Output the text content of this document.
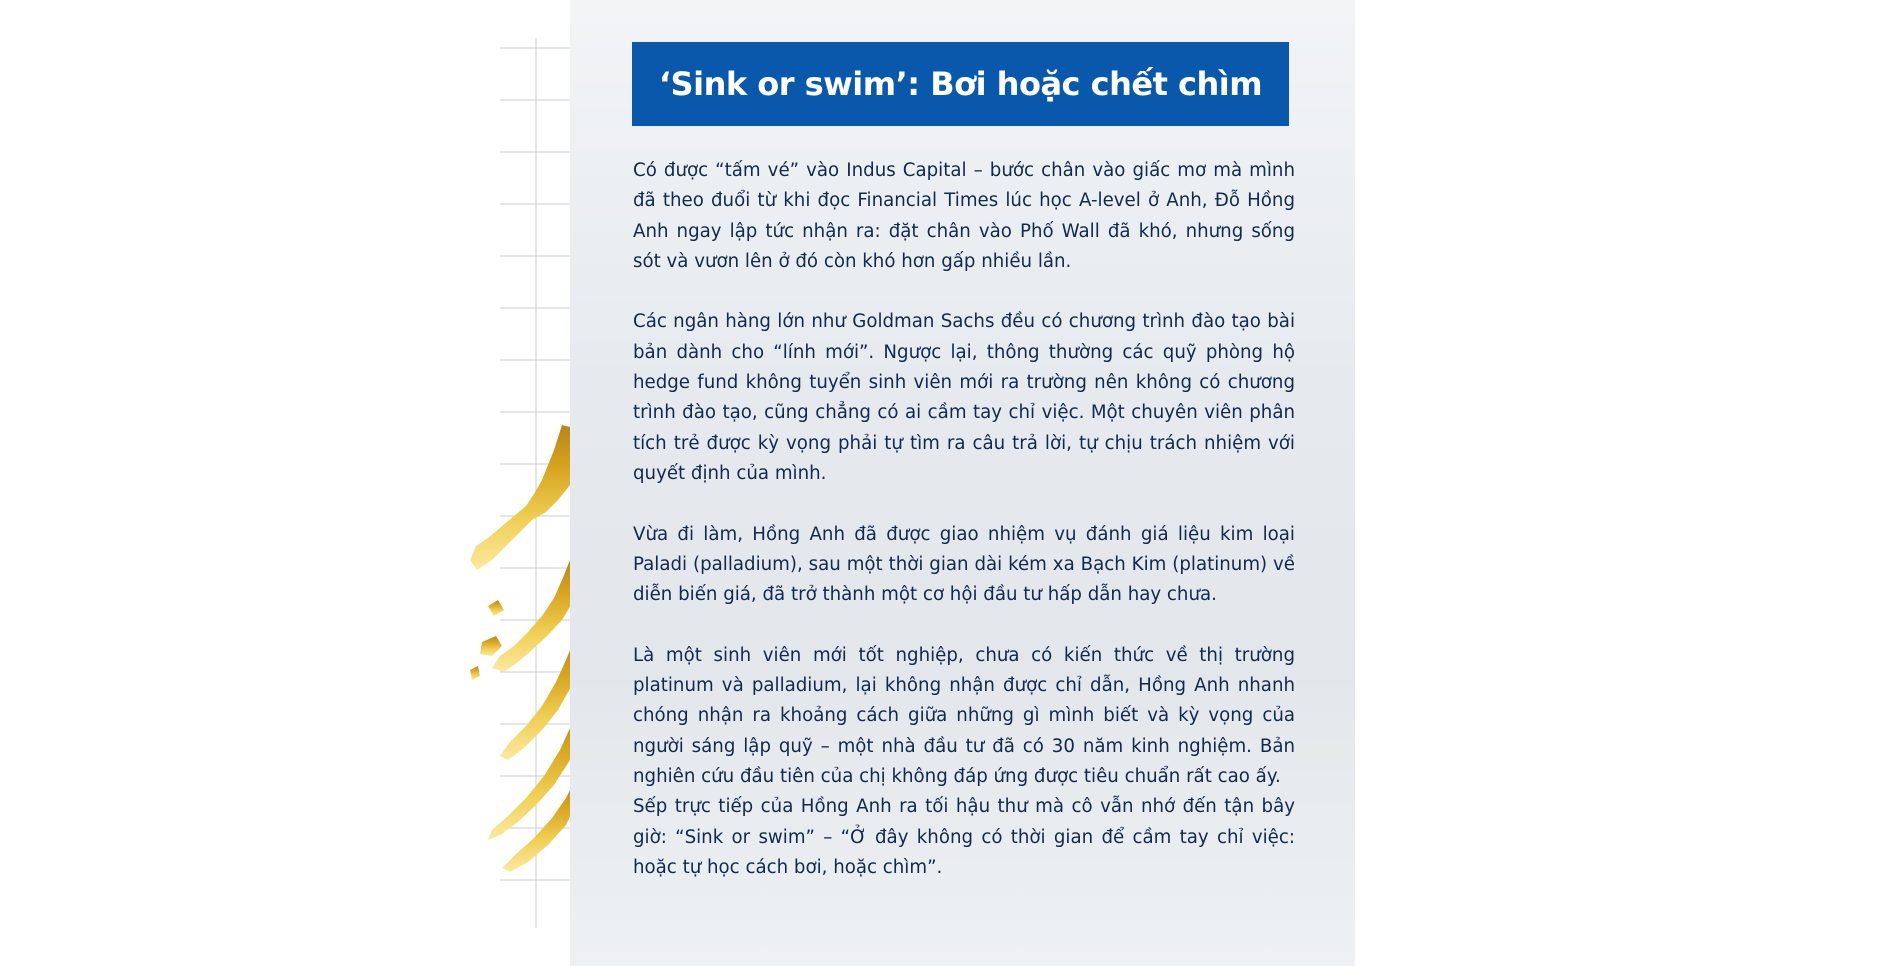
‘Sink or swim’: Bơi hoặc chết chìm

Có được “tấm vé” vào Indus Capital – bước chân vào giấc mơ mà mình đã theo đuổi từ khi đọc Financial Times lúc học A-level ở Anh, Đỗ Hồng Anh ngay lập tức nhận ra: đặt chân vào Phố Wall đã khó, nhưng sống sót và vươn lên ở đó còn khó hơn gấp nhiều lần.

Các ngân hàng lớn như Goldman Sachs đều có chương trình đào tạo bài bản dành cho “lính mới”. Ngược lại, thông thường các quỹ phòng hộ hedge fund không tuyển sinh viên mới ra trường nên không có chương trình đào tạo, cũng chẳng có ai cầm tay chỉ việc. Một chuyên viên phân tích trẻ được kỳ vọng phải tự tìm ra câu trả lời, tự chịu trách nhiệm với quyết định của mình.

Vừa đi làm, Hồng Anh đã được giao nhiệm vụ đánh giá liệu kim loại Paladi (palladium), sau một thời gian dài kém xa Bạch Kim (platinum) về diễn biến giá, đã trở thành một cơ hội đầu tư hấp dẫn hay chưa.

Là một sinh viên mới tốt nghiệp, chưa có kiến thức về thị trường platinum và palladium, lại không nhận được chỉ dẫn, Hồng Anh nhanh chóng nhận ra khoảng cách giữa những gì mình biết và kỳ vọng của người sáng lập quỹ – một nhà đầu tư đã có 30 năm kinh nghiệm. Bản nghiên cứu đầu tiên của chị không đáp ứng được tiêu chuẩn rất cao ấy.

Sếp trực tiếp của Hồng Anh ra tối hậu thư mà cô vẫn nhớ đến tận bây giờ: “Sink or swim” – “Ở đây không có thời gian để cầm tay chỉ việc: hoặc tự học cách bơi, hoặc chìm”.
